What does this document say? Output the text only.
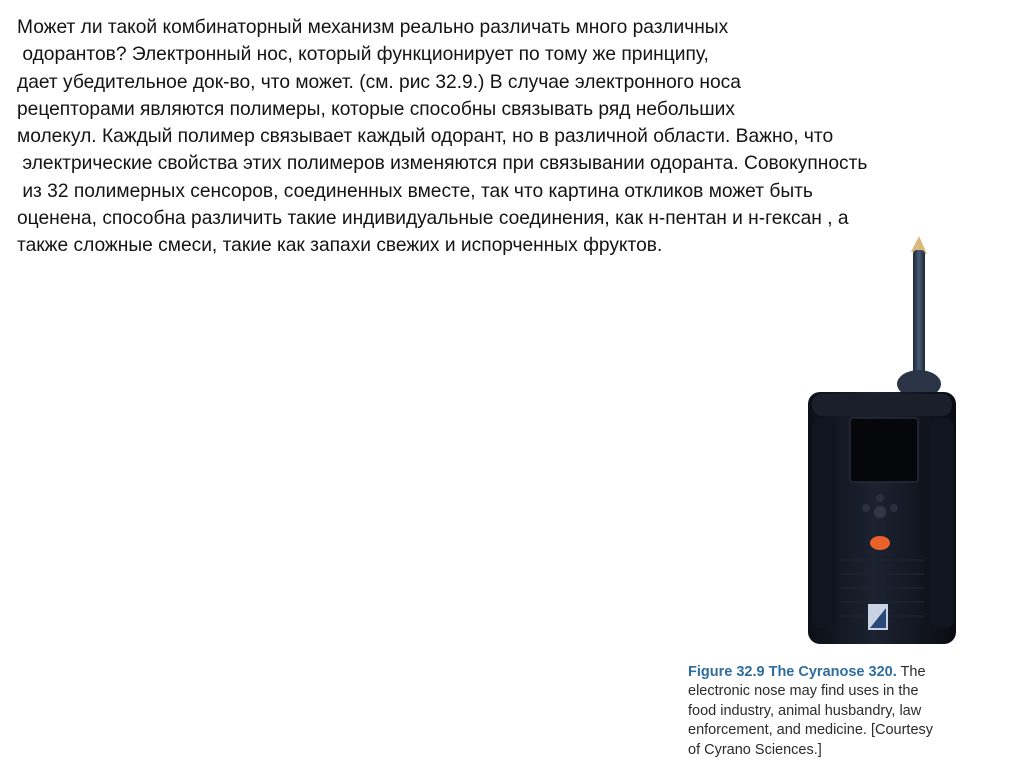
Может ли такой комбинаторный механизм реально различать много различных
одорантов? Электронный нос, который функционирует по тому же принципу,
дает убедительное док-во, что может. (см. рис 32.9.) В случае электронного носа
рецепторами являются полимеры, которые способны связывать ряд небольших
молекул. Каждый полимер связывает каждый одорант, но в различной области. Важно, что
электрические свойства этих полимеров изменяются при связывании одоранта. Совокупность
из 32 полимерных сенсоров, соединенных вместе, так что картина откликов может быть
оценена, способна различить такие индивидуальные соединения, как н-пентан и н-гексан , а
также сложные смеси, такие как запахи свежих и испорченных фруктов.

Figure 32.9 The Cyranose 320. The
electronic nose may find uses in the
food industry, animal husbandry, law
enforcement, and medicine. [Courtesy
of Cyrano Sciences.]
